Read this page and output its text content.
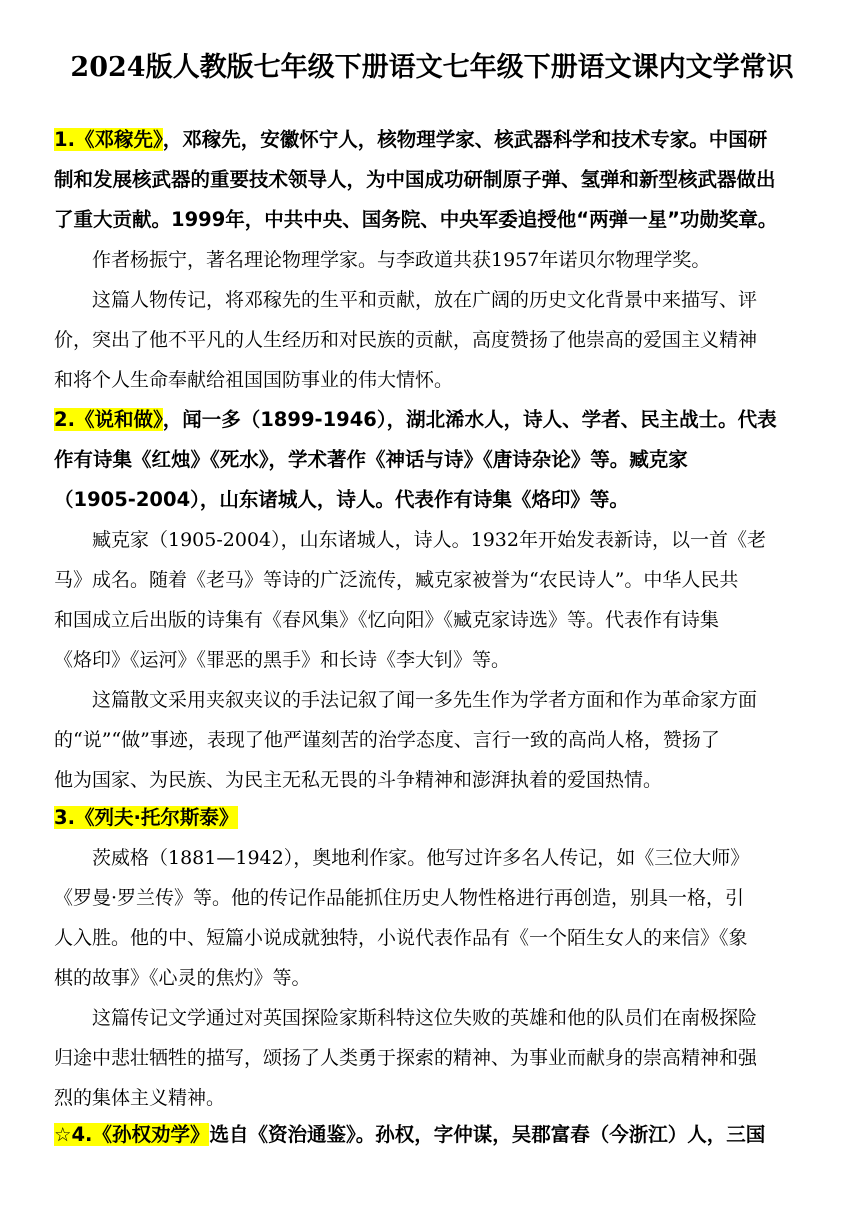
2024版人教版七年级下册语文七年级下册语文课内文学常识
1.《邓稼先》，邓稼先，安徽怀宁人，核物理学家、核武器科学和技术专家。中国研
制和发展核武器的重要技术领导人，为中国成功研制原子弹、氢弹和新型核武器做出
了重大贡献。1999年，中共中央、国务院、中央军委追授他“两弹一星”功勋奖章。
作者杨振宁，著名理论物理学家。与李政道共获1957年诺贝尔物理学奖。
这篇人物传记，将邓稼先的生平和贡献，放在广阔的历史文化背景中来描写、评
价，突出了他不平凡的人生经历和对民族的贡献，高度赞扬了他崇高的爱国主义精神
和将个人生命奉献给祖国国防事业的伟大情怀。
2.《说和做》，闻一多（1899-1946），湖北浠水人，诗人、学者、民主战士。代表
作有诗集《红烛》《死水》，学术著作《神话与诗》《唐诗杂论》等。臧克家
（1905-2004），山东诸城人，诗人。代表作有诗集《烙印》等。
臧克家（1905-2004），山东诸城人，诗人。1932年开始发表新诗，以一首《老
马》成名。随着《老马》等诗的广泛流传，臧克家被誉为“农民诗人”。中华人民共
和国成立后出版的诗集有《春风集》《忆向阳》《臧克家诗选》等。代表作有诗集
《烙印》《运河》《罪恶的黑手》和长诗《李大钊》等。
这篇散文采用夹叙夹议的手法记叙了闻一多先生作为学者方面和作为革命家方面
的“说”“做”事迹，表现了他严谨刻苦的治学态度、言行一致的高尚人格，赞扬了
他为国家、为民族、为民主无私无畏的斗争精神和澎湃执着的爱国热情。
3.《列夫·托尔斯泰》
茨威格（1881—1942），奥地利作家。他写过许多名人传记，如《三位大师》
《罗曼·罗兰传》等。他的传记作品能抓住历史人物性格进行再创造，别具一格，引
人入胜。他的中、短篇小说成就独特，小说代表作品有《一个陌生女人的来信》《象
棋的故事》《心灵的焦灼》等。
这篇传记文学通过对英国探险家斯科特这位失败的英雄和他的队员们在南极探险
归途中悲壮牺牲的描写，颂扬了人类勇于探索的精神、为事业而献身的崇高精神和强
烈的集体主义精神。
☆4.《孙权劝学》选自《资治通鉴》。孙权，字仲谋，吴郡富春（今浙江）人，三国
